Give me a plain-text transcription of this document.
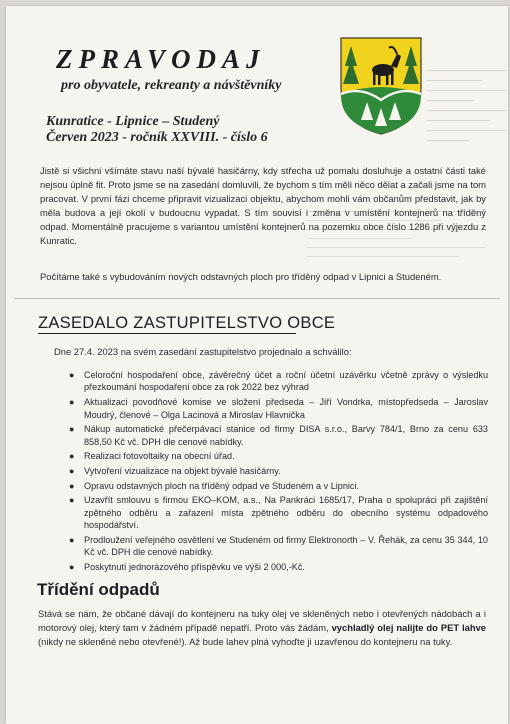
ZPRAVODAJ
pro obyvatele, rekreanty a návštěvníky
Kunratice - Lipnice – Studený
Červen 2023 - ročník XXVIII. - číslo 6
Jistě si všichni všímáte stavu naší bývalé hasičárny, kdy střecha už pomalu dosluhuje a ostatní části také nejsou úplně fit. Proto jsme se na zasedání domluvili, že bychom s tím měli něco dělat a začali jsme na tom pracovat. V první fázi chceme připravit vizualizaci objektu, abychom mohli vám občanům představit, jak by měla budova a její okolí v budoucnu vypadat. S tím souvisí i změna v umístění kontejnerů na tříděný odpad. Momentálně pracujeme s variantou umístění kontejnerů na pozemku obce číslo 1286 při výjezdu z Kunratic.
Počítáme také s vybudováním nových odstavných ploch pro tříděný odpad v Lipnici a Studeném.
ZASEDALO ZASTUPITELSTVO OBCE
Dne 27.4. 2023 na svém zasedání zastupitelstvo projednalo a schválilo:
● Celoroční hospodaření obce, závěrečný účet a roční účetní uzávěrku včetně zprávy o výsledku přezkoumání hospodaření obce za rok 2022 bez výhrad
● Aktualizaci povodňové komise ve složení předseda – Jiří Vondrka, místopředseda – Jaroslav Moudrý, členové – Olga Lacinová a Miroslav Hlavnička
● Nákup automatické přečerpávací stanice od firmy DISA s.r.o., Barvy 784/1, Brno za cenu 633 858,50 Kč vč. DPH dle cenové nabídky.
● Realizaci fotovoltaiky na obecní úřad.
● Vytvoření vizualizace na objekt bývalé hasičárny.
● Opravu odstavných ploch na tříděný odpad ve Studeném a v Lipnici.
● Uzavřít smlouvu s firmou EKO–KOM, a.s., Na Pankráci 1685/17, Praha o spolupráci při zajištění zpětného odběru a zařazení místa zpětného odběru do obecního systému odpadového hospodářství.
● Prodloužení veřejného osvětlení ve Studeném od firmy Elektronorth – V. Řehák, za cenu 35 344, 10 Kč vč. DPH dle cenové nabídky.
● Poskytnutí jednorázového příspěvku ve výši 2 000,-Kč.
Třídění odpadů
Stává se nám, že občané dávají do kontejneru na tuky olej ve skleněných nebo i otevřených nádobách a i motorový olej, který tam v žádném případě nepatří. Proto vás žádám, vychladlý olej nalijte do PET lahve (nikdy ne skleněné nebo otevřené!). Až bude lahev plná vyhoďte ji uzavřenou do kontejneru na tuky.
